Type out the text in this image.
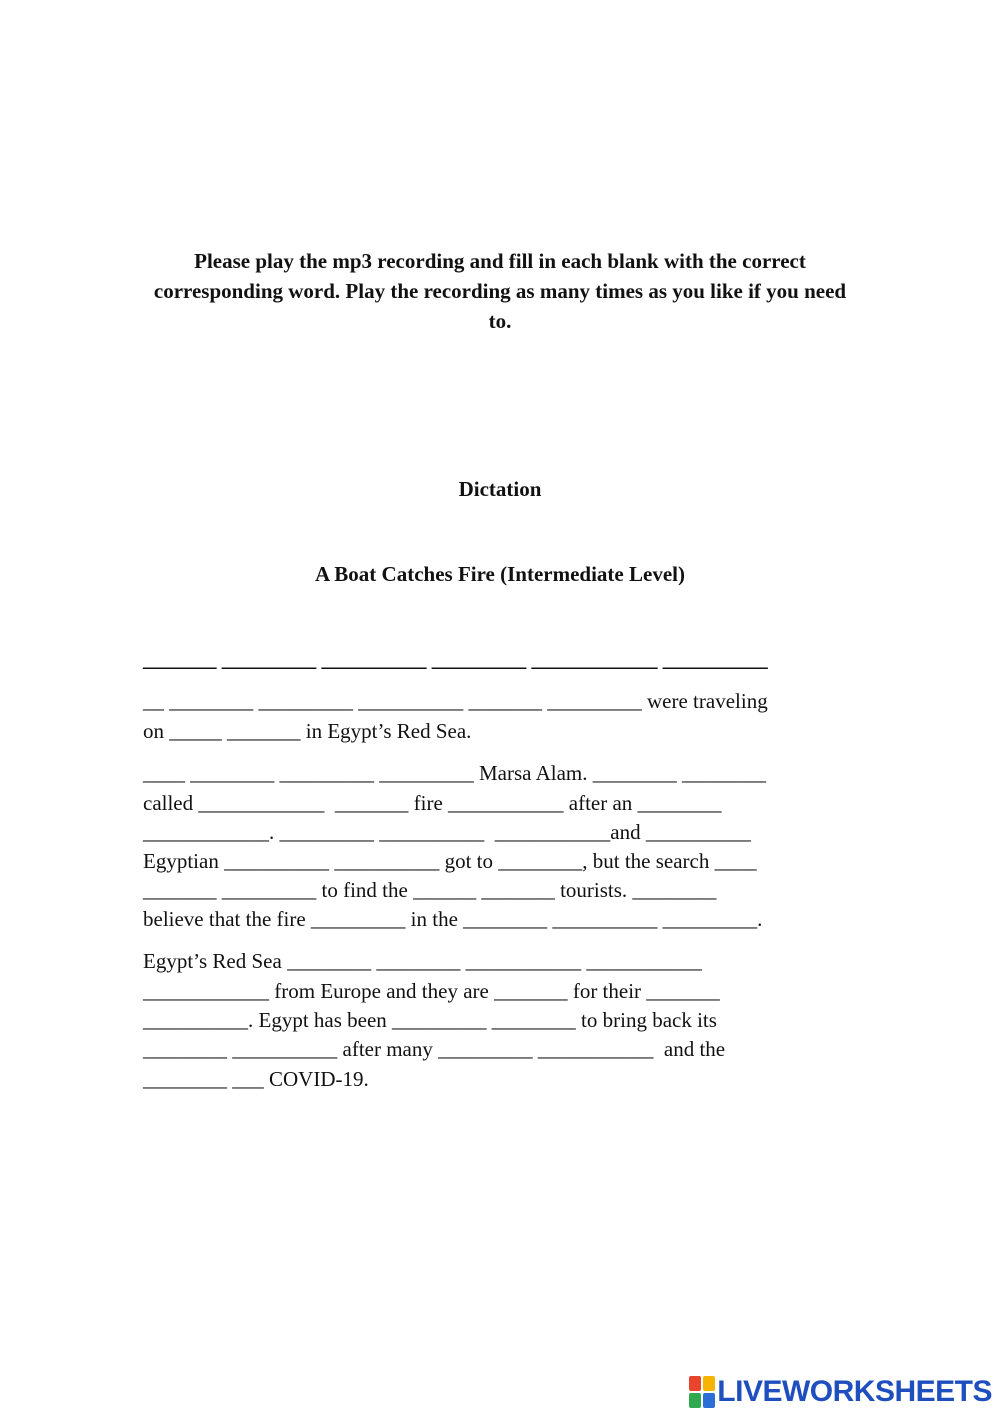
Please play the mp3 recording and fill in each blank with the correct corresponding word. Play the recording as many times as you like if you need to.
Dictation
A Boat Catches Fire (Intermediate Level)
_______ _________ __________ _________ ____________ __________
__ ________ _________ __________ _______ _________ were traveling
on _____ _______ in Egypt’s Red Sea.
____ ________ _________ _________ Marsa Alam. ________ ________
called ____________  _______ fire ___________ after an ________
____________. _________ __________  ___________and __________
Egyptian __________ __________ got to ________, but the search ____
_______ _________ to find the ______ _______ tourists. ________
believe that the fire _________ in the ________ __________ _________.
Egypt’s Red Sea ________ ________ ___________ ___________
____________ from Europe and they are _______ for their _______
__________. Egypt has been _________ ________ to bring back its
________ __________ after many _________ ___________  and the
________ ___ COVID-19.
LIVEWORKSHEETS
